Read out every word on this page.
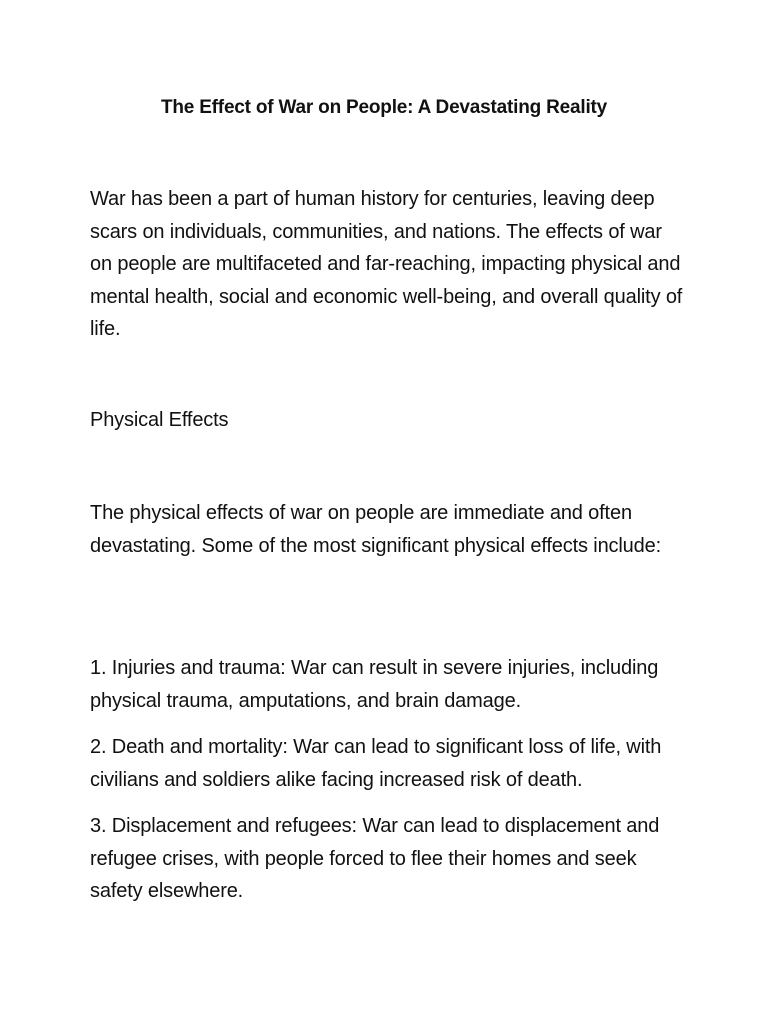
The Effect of War on People: A Devastating Reality

War has been a part of human history for centuries, leaving deep scars on individuals, communities, and nations. The effects of war on people are multifaceted and far-reaching, impacting physical and mental health, social and economic well-being, and overall quality of life.

Physical Effects

The physical effects of war on people are immediate and often devastating. Some of the most significant physical effects include:

1. Injuries and trauma: War can result in severe injuries, including physical trauma, amputations, and brain damage.

2. Death and mortality: War can lead to significant loss of life, with civilians and soldiers alike facing increased risk of death.

3. Displacement and refugees: War can lead to displacement and refugee crises, with people forced to flee their homes and seek safety elsewhere.
